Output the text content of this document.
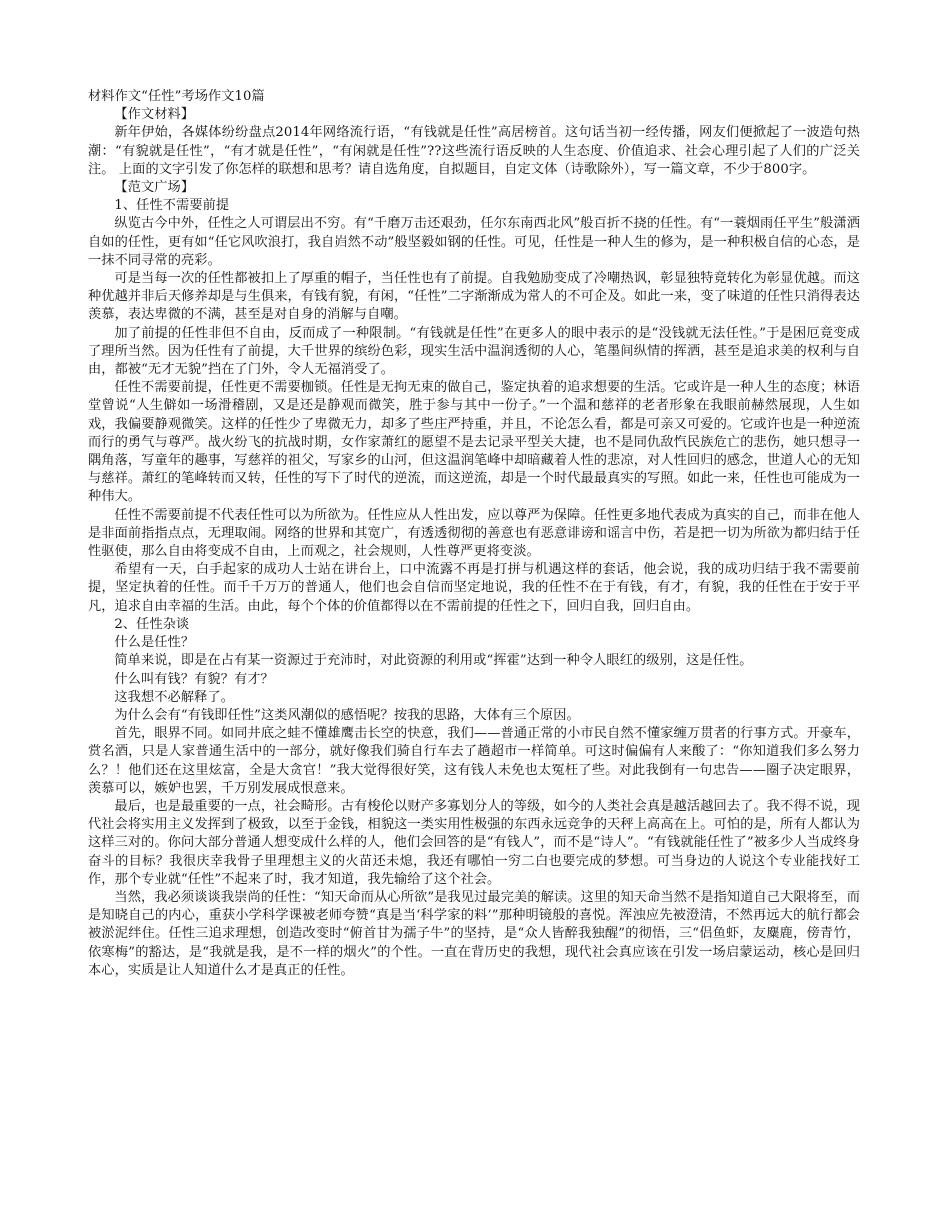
材料作文“任性”考场作文10篇

【作文材料】

新年伊始，各媒体纷纷盘点2014年网络流行语，“有钱就是任性”高居榜首。这句话当初一经传播，网友们便掀起了一波造句热潮：“有貌就是任性”，“有才就是任性”，“有闲就是任性”??这些流行语反映的人生态度、价值追求、社会心理引起了人们的广泛关注。 上面的文字引发了你怎样的联想和思考？请自选角度，自拟题目，自定文体（诗歌除外），写一篇文章，不少于800字。

【范文广场】

1、任性不需要前提

纵览古今中外，任性之人可谓层出不穷。有“千磨万击还艰劲，任尔东南西北风”般百折不挠的任性。有“一蓑烟雨任平生”般潇洒自如的任性，更有如“任它风吹浪打，我自岿然不动”般坚毅如钢的任性。可见，任性是一种人生的修为，是一种积极自信的心态，是一抹不同寻常的亮彩。

可是当每一次的任性都被扣上了厚重的帽子，当任性也有了前提。自我勉励变成了冷嘲热讽，彰显独特竟转化为彰显优越。而这种优越并非后天修养却是与生俱来，有钱有貌，有闲，“任性”二字渐渐成为常人的不可企及。如此一来，变了味道的任性只消得表达羡慕，表达卑微的不满，甚至是对自身的消解与自嘲。

加了前提的任性非但不自由，反而成了一种限制。“有钱就是任性”在更多人的眼中表示的是“没钱就无法任性。”于是困厄竟变成了理所当然。因为任性有了前提，大千世界的缤纷色彩，现实生活中温润透彻的人心，笔墨间纵情的挥洒，甚至是追求美的权利与自由，都被“无才无貌”挡在了门外，令人无福消受了。

任性不需要前提，任性更不需要枷锁。任性是无拘无束的做自己，鉴定执着的追求想要的生活。它或许是一种人生的态度；林语堂曾说“人生僻如一场滑稽剧，又是还是静观而微笑，胜于参与其中一份子。”一个温和慈祥的老者形象在我眼前赫然展现，人生如戏，我偏要静观微笑。这样的任性少了卑微无力，却多了些庄严持重，并且，不论怎么看，都是可亲又可爱的。它或许也是一种逆流而行的勇气与尊严。战火纷飞的抗战时期，女作家萧红的愿望不是去记录平型关大捷，也不是同仇敌忾民族危亡的悲伤，她只想寻一隅角落，写童年的趣事，写慈祥的祖父，写家乡的山河，但这温润笔峰中却暗藏着人性的悲凉，对人性回归的感念，世道人心的无知与慈祥。萧红的笔峰转而又转，任性的写下了时代的逆流，而这逆流，却是一个时代最最真实的写照。如此一来，任性也可能成为一种伟大。

任性不需要前提不代表任性可以为所欲为。任性应从人性出发，应以尊严为保障。任性更多地代表成为真实的自己，而非在他人是非面前指指点点，无理取闹。网络的世界和其宽广，有透透彻彻的善意也有恶意诽谤和谣言中伤，若是把一切为所欲为都归结于任性驱使，那么自由将变成不自由，上而观之，社会规则，人性尊严更将变淡。

希望有一天，白手起家的成功人士站在讲台上，口中流露不再是打拼与机遇这样的套话，他会说，我的成功归结于我不需要前提，坚定执着的任性。而千千万万的普通人，他们也会自信而坚定地说，我的任性不在于有钱，有才，有貌，我的任性在于安于平凡，追求自由幸福的生活。由此，每个个体的价值都得以在不需前提的任性之下，回归自我，回归自由。

2、任性杂谈

什么是任性？

简单来说，即是在占有某一资源过于充沛时，对此资源的利用或“挥霍”达到一种令人眼红的级别，这是任性。

什么叫有钱？有貌？有才？

这我想不必解释了。

为什么会有“有钱即任性”这类风潮似的感悟呢？按我的思路，大体有三个原因。

首先，眼界不同。如同井底之蛙不懂雄鹰击长空的快意，我们——普通正常的小市民自然不懂家缠万贯者的行事方式。开豪车，赏名酒，只是人家普通生活中的一部分，就好像我们骑自行车去了趟超市一样简单。可这时偏偏有人来酸了：“你知道我们多么努力么？！他们还在这里炫富，全是大贪官！”我大觉得很好笑，这有钱人未免也太冤枉了些。对此我倒有一句忠告——圈子决定眼界，羡慕可以，嫉妒也罢，千万别发展成恨意来。

最后，也是最重要的一点，社会畸形。古有梭伦以财产多寡划分人的等级，如今的人类社会真是越活越回去了。我不得不说，现代社会将实用主义发挥到了极致，以至于金钱，相貌这一类实用性极强的东西永远竞争的天秤上高高在上。可怕的是，所有人都认为这样三对的。你问大部分普通人想变成什么样的人，他们会回答的是“有钱人”，而不是“诗人”。“有钱就能任性了”被多少人当成终身奋斗的目标？我很庆幸我骨子里理想主义的火苗还未熄，我还有哪怕一穷二白也要完成的梦想。可当身边的人说这个专业能找好工作，那个专业就“任性”不起来了时，我才知道，我先输给了这个社会。

当然，我必须谈谈我崇尚的任性：“知天命而从心所欲”是我见过最完美的解读。这里的知天命当然不是指知道自己大限将至，而是知晓自己的内心，重获小学科学课被老师夸赞“真是当‘科学家的料’”那种明镜般的喜悦。浑浊应先被澄清，不然再远大的航行都会被淤泥绊住。任性三追求理想，创造改变时“俯首甘为孺子牛”的坚持，是“众人皆醉我独醒”的彻悟，三“侣鱼虾，友麋鹿，傍青竹，依寒梅”的豁达，是“我就是我，是不一样的烟火”的个性。一直在背历史的我想，现代社会真应该在引发一场启蒙运动，核心是回归本心，实质是让人知道什么才是真正的任性。
